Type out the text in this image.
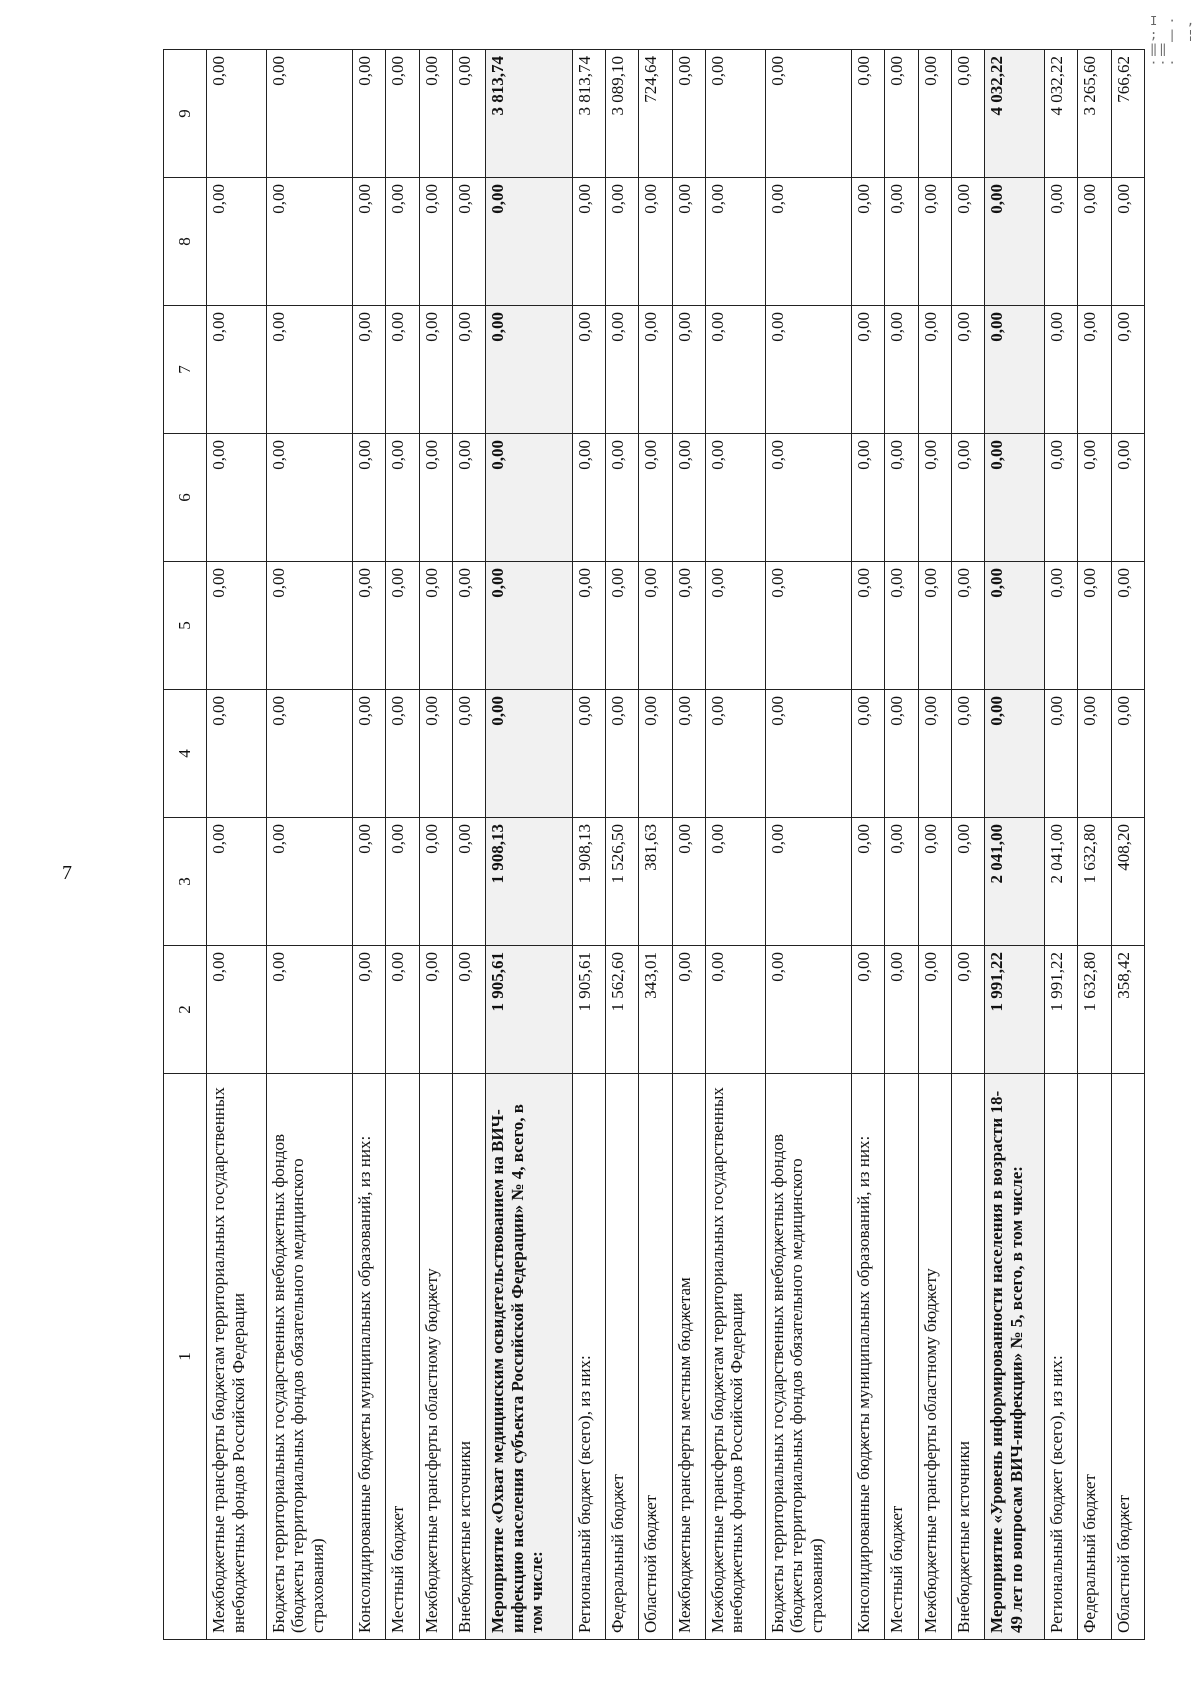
7
I · , ; | ¦ ‖‖ ···
1	2	3	4	5	6	7	8	9
Межбюджетные трансферты бюджетам территориальных государственных внебюджетных фондов Российской Федерации	0,00	0,00	0,00	0,00	0,00	0,00	0,00	0,00
Бюджеты территориальных государственных внебюджетных фондов (бюджеты территориальных фондов обязательного медицинского страхования)	0,00	0,00	0,00	0,00	0,00	0,00	0,00	0,00
Консолидированные бюджеты муниципальных образований, из них:	0,00	0,00	0,00	0,00	0,00	0,00	0,00	0,00
Местный бюджет	0,00	0,00	0,00	0,00	0,00	0,00	0,00	0,00
Межбюджетные трансферты областному бюджету	0,00	0,00	0,00	0,00	0,00	0,00	0,00	0,00
Внебюджетные источники	0,00	0,00	0,00	0,00	0,00	0,00	0,00	0,00
Мероприятие «Охват медицинским освидетельствованием на ВИЧ-инфекцию населения субъекта Российской Федерации» № 4, всего, в том числе:	1 905,61	1 908,13	0,00	0,00	0,00	0,00	0,00	3 813,74
Региональный бюджет (всего), из них:	1 905,61	1 908,13	0,00	0,00	0,00	0,00	0,00	3 813,74
Федеральный бюджет	1 562,60	1 526,50	0,00	0,00	0,00	0,00	0,00	3 089,10
Областной бюджет	343,01	381,63	0,00	0,00	0,00	0,00	0,00	724,64
Межбюджетные трансферты местным бюджетам	0,00	0,00	0,00	0,00	0,00	0,00	0,00	0,00
Межбюджетные трансферты бюджетам территориальных государственных внебюджетных фондов Российской Федерации	0,00	0,00	0,00	0,00	0,00	0,00	0,00	0,00
Бюджеты территориальных государственных внебюджетных фондов (бюджеты территориальных фондов обязательного медицинского страхования)	0,00	0,00	0,00	0,00	0,00	0,00	0,00	0,00
Консолидированные бюджеты муниципальных образований, из них:	0,00	0,00	0,00	0,00	0,00	0,00	0,00	0,00
Местный бюджет	0,00	0,00	0,00	0,00	0,00	0,00	0,00	0,00
Межбюджетные трансферты областному бюджету	0,00	0,00	0,00	0,00	0,00	0,00	0,00	0,00
Внебюджетные источники	0,00	0,00	0,00	0,00	0,00	0,00	0,00	0,00
Мероприятие «Уровень информированности населения в возрасти 18-49 лет по вопросам ВИЧ-инфекции» № 5, всего, в том числе:	1 991,22	2 041,00	0,00	0,00	0,00	0,00	0,00	4 032,22
Региональный бюджет (всего), из них:	1 991,22	2 041,00	0,00	0,00	0,00	0,00	0,00	4 032,22
Федеральный бюджет	1 632,80	1 632,80	0,00	0,00	0,00	0,00	0,00	3 265,60
Областной бюджет	358,42	408,20	0,00	0,00	0,00	0,00	0,00	766,62
